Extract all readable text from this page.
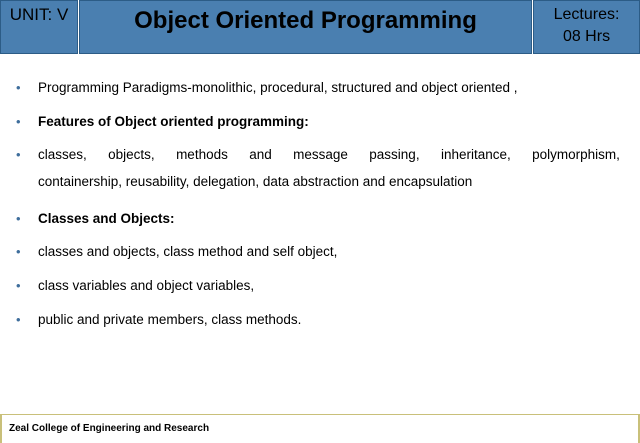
UNIT: V	Object Oriented Programming	Lectures:
08 Hrs
• Programming Paradigms-monolithic, procedural, structured and object oriented ,
• Features of Object oriented programming:
• classes, objects, methods and message passing, inheritance, polymorphism,
containership, reusability, delegation, data abstraction and encapsulation
• Classes and Objects:
• classes and objects, class method and self object,
• class variables and object variables,
• public and private members, class methods.
Zeal College of Engineering and Research
